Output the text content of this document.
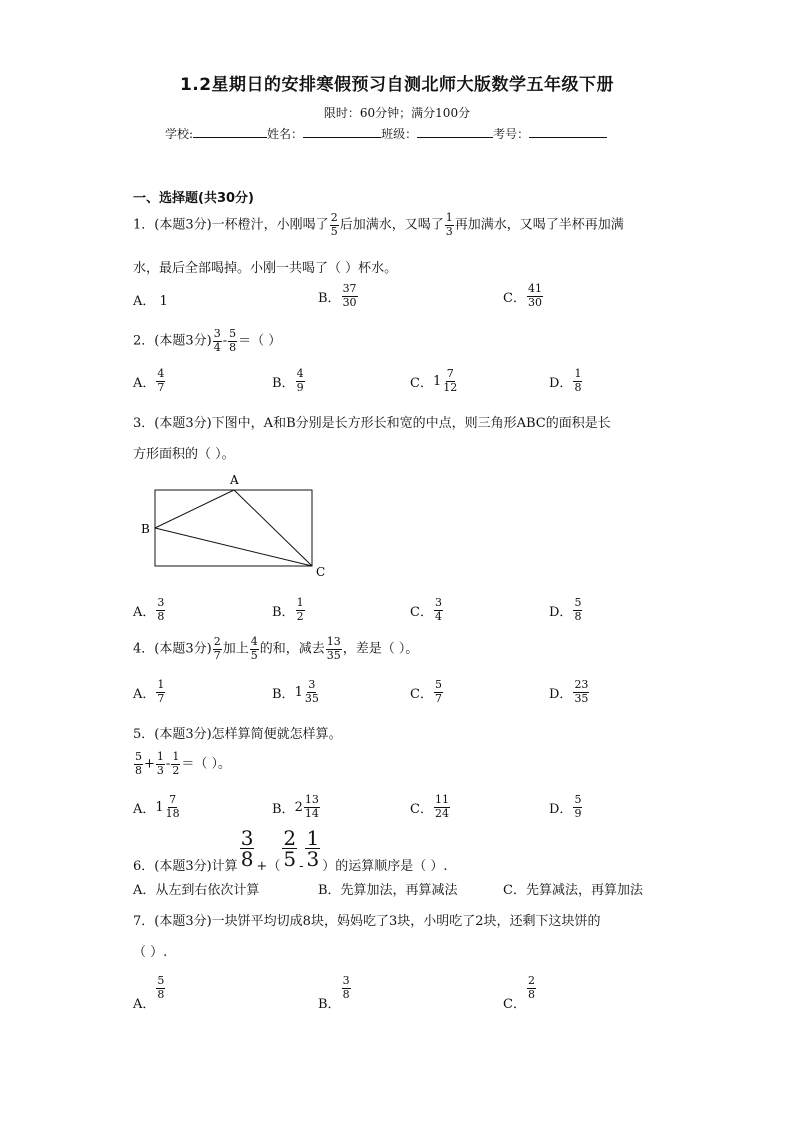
1.2星期日的安排寒假预习自测北师大版数学五年级下册
限时：60分钟；满分100分
学校:	姓名：	班级：	考号：
一、选择题(共30分)
1．(本题3分)一杯橙汁，小刚喝了 $\frac{2}{5}$ 后加满水，又喝了 $\frac{1}{3}$ 再加满水，又喝了半杯再加满
水，最后全部喝掉。小刚一共喝了（ ）杯水。
A． 1	B． $\frac{37}{30}$	C． $\frac{41}{30}$
2．(本题3分) $\frac{3}{4} - \frac{5}{8}$ ＝（ ）
A． $\frac{4}{7}$	B． $\frac{4}{9}$	C． $1 \frac{7}{12}$	D． $\frac{1}{8}$
3．(本题3分)下图中，A和B分别是长方形长和宽的中点，则三角形ABC的面积是长
方形面积的（ ）。
A
B
C
A． $\frac{3}{8}$	B． $\frac{1}{2}$	C． $\frac{3}{4}$	D． $\frac{5}{8}$
4．(本题3分) $\frac{2}{7}$ 加上 $\frac{4}{5}$ 的和，减去 $\frac{13}{35}$ ，差是（ ）。
A． $\frac{1}{7}$	B． $1 \frac{3}{35}$	C． $\frac{5}{7}$	D． $\frac{23}{35}$
5．(本题3分)怎样算简便就怎样算。
$\frac{5}{8} + \frac{1}{3} - \frac{1}{2}$ ＝（ ）。
A． $1 \frac{7}{18}$	B． $2 \frac{13}{14}$	C． $\frac{11}{24}$	D． $\frac{5}{9}$
6．(本题3分)计算 $\frac{3}{8}$ +（ $\frac{2}{5} - \frac{1}{3}$ ）的运算顺序是（ ）.
A．从左到右依次计算	B．先算加法，再算减法	C．先算减法，再算加法
7．(本题3分)一块饼平均切成8块，妈妈吃了3块，小明吃了2块，还剩下这块饼的
（ ）.
A．
$\frac{5}{8}$
B．
$\frac{3}{8}$
C．
$\frac{2}{8}$
